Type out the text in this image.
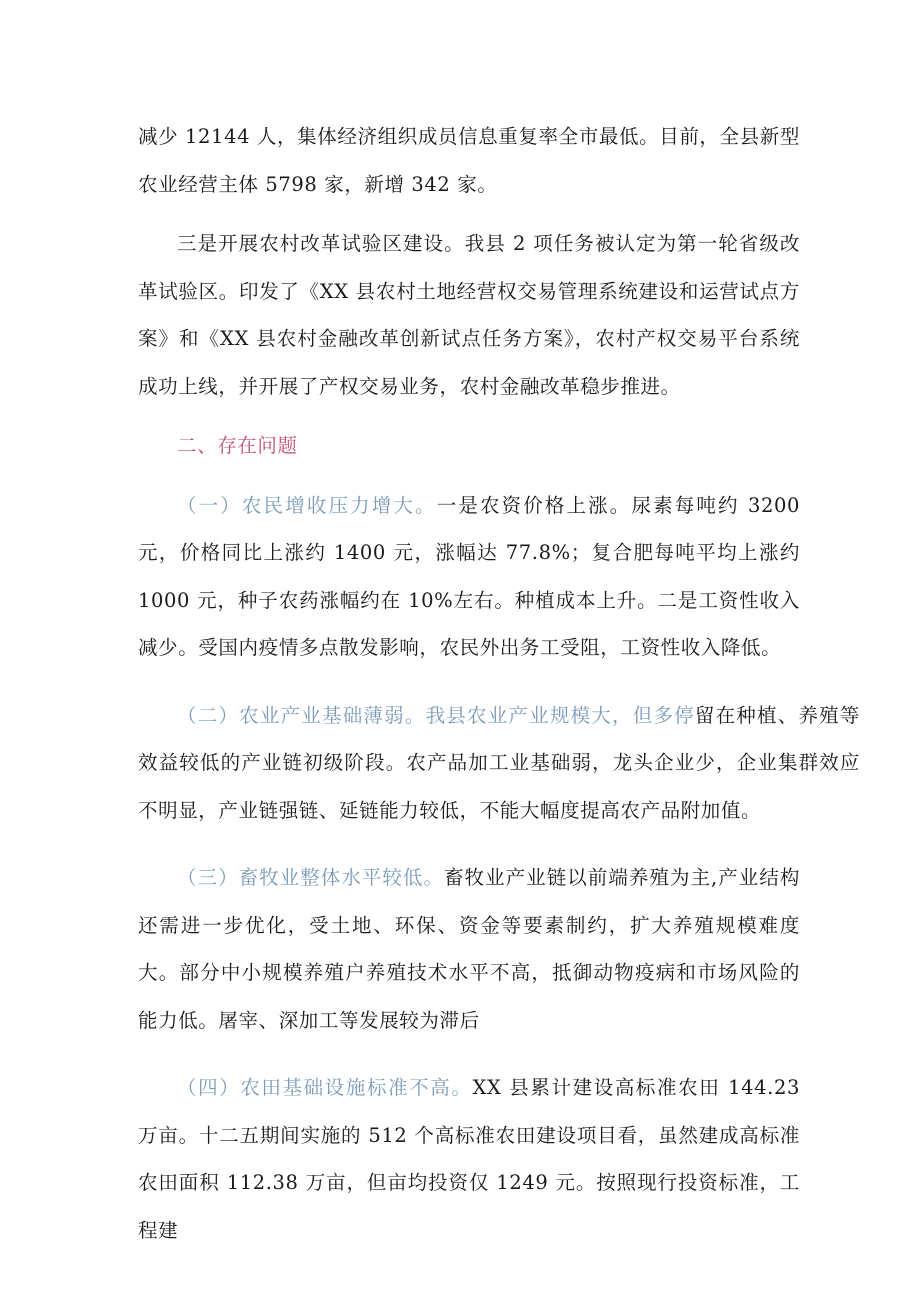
减少 12144 人，集体经济组织成员信息重复率全市最低。目前，全县新型农业经营主体 5798 家，新增 342 家。

三是开展农村改革试验区建设。我县 2 项任务被认定为第一轮省级改革试验区。印发了《XX 县农村土地经营权交易管理系统建设和运营试点方案》和《XX 县农村金融改革创新试点任务方案》，农村产权交易平台系统成功上线，并开展了产权交易业务，农村金融改革稳步推进。

二、存在问题

（一）农民增收压力增大。一是农资价格上涨。尿素每吨约 3200 元，价格同比上涨约 1400 元，涨幅达 77.8%；复合肥每吨平均上涨约 1000 元，种子农药涨幅约在 10%左右。种植成本上升。二是工资性收入减少。受国内疫情多点散发影响，农民外出务工受阻，工资性收入降低。

（二）农业产业基础薄弱。我县农业产业规模大，但多停留在种植、养殖等效益较低的产业链初级阶段。农产品加工业基础弱，龙头企业少，企业集群效应不明显，产业链强链、延链能力较低，不能大幅度提高农产品附加值。

（三）畜牧业整体水平较低。畜牧业产业链以前端养殖为主,产业结构还需进一步优化，受土地、环保、资金等要素制约，扩大养殖规模难度大。部分中小规模养殖户养殖技术水平不高，抵御动物疫病和市场风险的能力低。屠宰、深加工等发展较为滞后

（四）农田基础设施标准不高。XX 县累计建设高标准农田 144.23 万亩。十二五期间实施的 512 个高标准农田建设项目看，虽然建成高标准农田面积 112.38 万亩，但亩均投资仅 1249 元。按照现行投资标准，工程建
